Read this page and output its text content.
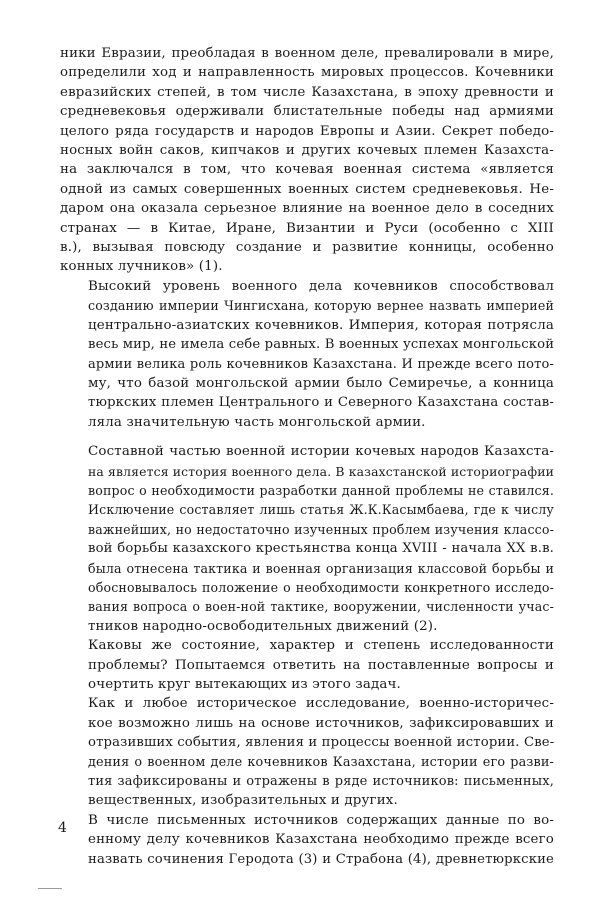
ники Евразии, преобладая в военном деле, превалировали в мире,
определили ход и направленность мировых процессов. Кочевники
евразийских степей, в том числе Казахстана, в эпоху древности и
средневековья одерживали блистательные победы над армиями
целого ряда государств и народов Европы и Азии. Секрет победо-
носных войн саков, кипчаков и других кочевых племен Казахста-
на заключался в том, что кочевая военная система «является
одной из самых совершенных военных систем средневековья. Не-
даром она оказала серьезное влияние на военное дело в соседних
странах — в Китае, Иране, Византии и Руси (особенно с XIII
в.), вызывая повсюду создание и развитие конницы, особенно
конных лучников» (1).
Высокий уровень военного дела кочевников способствовал
созданию империи Чингисхана, которую вернее назвать империей
центрально-азиатских кочевников. Империя, которая потрясла
весь мир, не имела себе равных. В военных успехах монгольской
армии велика роль кочевников Казахстана. И прежде всего пото-
му, что базой монгольской армии было Семиречье, а конница
тюркских племен Центрального и Северного Казахстана состав-
ляла значительную часть монгольской армии.
Составной частью военной истории кочевых народов Казахста-
на является история военного дела. В казахстанской историографии
вопрос о необходимости разработки данной проблемы не ставился.
Исключение составляет лишь статья Ж.К.Касымбаева, где к числу
важнейших, но недостаточно изученных проблем изучения классо-
вой борьбы казахского крестьянства конца XVIII - начала XX в.в.
была отнесена тактика и военная организация классовой борьбы и
обосновывалось положение о необходимости конкретного исследо-
вания вопроса о воен-ной тактике, вооружении, численности учас-
тников народно-освободительных движений (2).
Каковы же состояние, характер и степень исследованности
проблемы? Попытаемся ответить на поставленные вопросы и
очертить круг вытекающих из этого задач.
Как и любое историческое исследование, военно-историчес-
кое возможно лишь на основе источников, зафиксировавших и
отразивших события, явления и процессы военной истории. Све-
дения о военном деле кочевников Казахстана, истории его разви-
тия зафиксированы и отражены в ряде источников: письменных,
вещественных, изобразительных и других.
В числе письменных источников содержащих данные по во-
енному делу кочевников Казахстана необходимо прежде всего
назвать сочинения Геродота (3) и Страбона (4), древнетюркские
4
